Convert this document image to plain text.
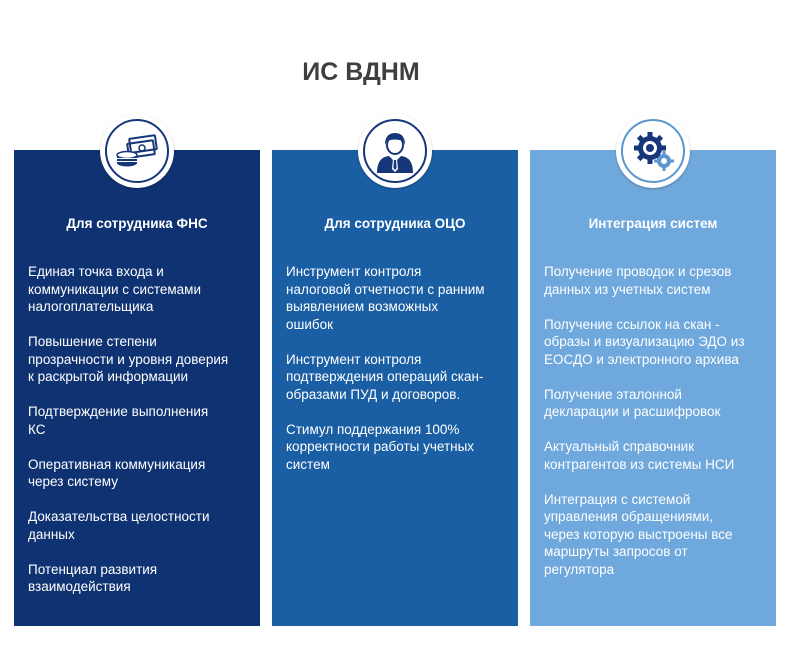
ИС ВДНМ
Для сотрудника ФНС
Единая точка входа и
коммуникации с системами
налогоплательщика
Повышение степени
прозрачности и уровня доверия
к раскрытой информации
Подтверждение выполнения
КС
Оперативная коммуникация
через систему
Доказательства целостности
данных
Потенциал развития
взаимодействия
Для сотрудника ОЦО
Инструмент контроля
налоговой отчетности с ранним
выявлением возможных
ошибок
Инструмент контроля
подтверждения операций скан-
образами ПУД и договоров.
Стимул поддержания 100%
корректности работы учетных
систем
Интеграция систем
Получение проводок и срезов
данных из учетных систем
Получение ссылок на скан -
образы и визуализацию ЭДО из
ЕОСДО и электронного архива
Получение эталонной
декларации и расшифровок
Актуальный справочник
контрагентов из системы НСИ
Интеграция с системой
управления обращениями,
через которую выстроены все
маршруты запросов от
регулятора
